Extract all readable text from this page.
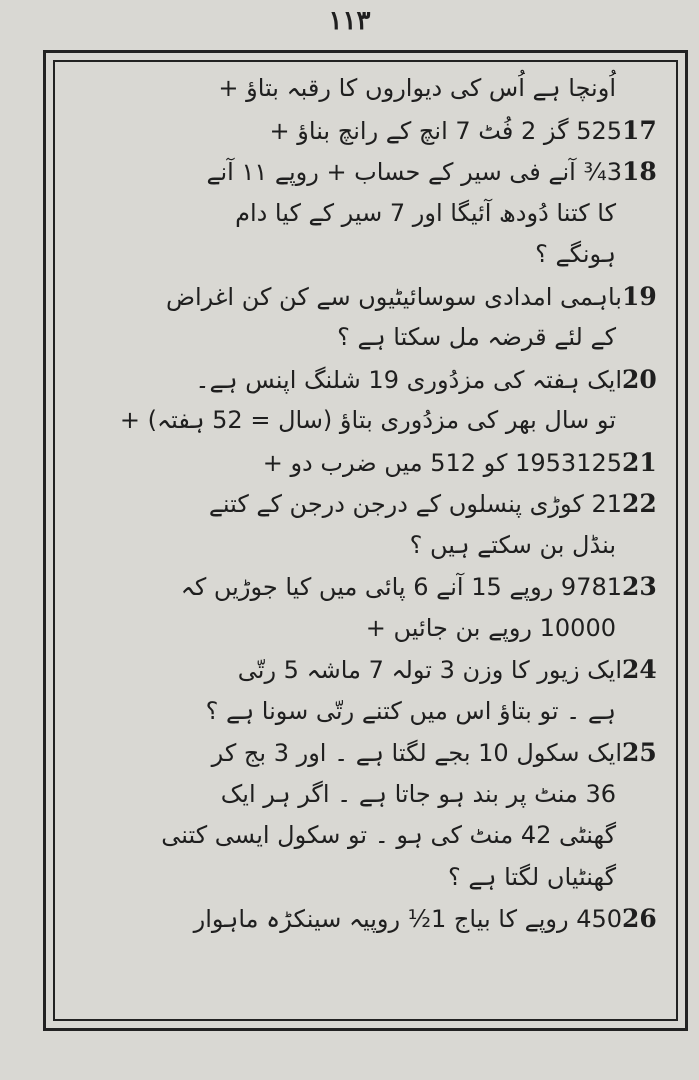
۱۱۳
اُونچا ہے اُس کی دیواروں کا رقبہ بتاؤ +
17525 گز 2 فُٹ 7 انچ کے رانچ بناؤ +
183¾ آنے فی سیر کے حساب + روپے ۱۱ آنے
کا کتنا دُودھ آئیگا اور 7 سیر کے کیا دام
ہونگے ؟
19باہمی امدادی سوسائیٹیوں سے کن کن اغراض
کے لئے قرضہ مل سکتا ہے ؟
20ایک ہفتہ کی مزدُوری 19 شلنگ اپنس ہے۔
تو سال بھر کی مزدُوری بتاؤ (سال = 52 ہفتہ) +
211953125 کو 512 میں ضرب دو +
2221 کوڑی پنسلوں کے درجن درجن کے کتنے
بنڈل بن سکتے ہیں ؟
239781 روپے 15 آنے 6 پائی میں کیا جوڑیں کہ
10000 روپے بن جائیں +
24ایک زیور کا وزن 3 تولہ 7 ماشہ 5 رتّی
ہے ۔ تو بتاؤ اس میں کتنے رتّی سونا ہے ؟
25ایک سکول 10 بجے لگتا ہے ۔ اور 3 بج کر
36 منٹ پر بند ہو جاتا ہے ۔ اگر ہر ایک
گھنٹی 42 منٹ کی ہو ۔ تو سکول ایسی کتنی
گھنٹیاں لگتا ہے ؟
26450 روپے کا بیاج 1½ روپیہ سینکڑہ ماہوار
